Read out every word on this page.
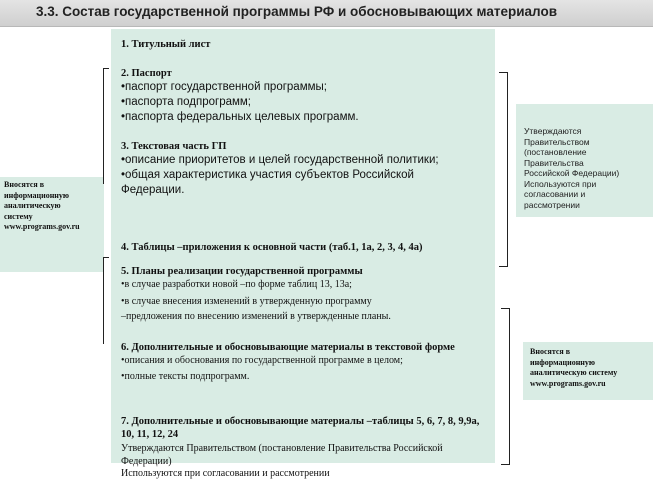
3.3. Состав государственной программы РФ и обосновывающих материалов
Вносятся в
информационную
аналитическую
систему
www.programs.gov.ru
Утверждаются
Правительством
(постановление
Правительства
Российской Федерации)
Используются при
согласовании и
рассмотрении
Вносятся в
информационную
аналитическую систему
www.programs.gov.ru
1. Титульный лист
2. Паспорт
•паспорт государственной программы;
•паспорта подпрограмм;
•паспорта федеральных целевых программ.
3. Текстовая часть ГП
•описание приоритетов и целей государственной политики;
•общая характеристика участия субъектов Российской Федерации.
4. Таблицы –приложения к основной части (таб.1, 1а, 2, 3, 4, 4а)
5. Планы реализации государственной программы
•в случае разработки новой –по форме таблиц 13, 13а;
•в случае внесения изменений в утвержденную программу
–предложения по внесению изменений в утвержденные планы.
6. Дополнительные и обосновывающие материалы в текстовой форме
•описания и обоснования по государственной программе в целом;
•полные тексты подпрограмм.
7. Дополнительные и обосновывающие материалы –таблицы 5, 6, 7, 8, 9,9а, 10, 11, 12, 24
Утверждаются Правительством (постановление Правительства Российской Федерации)
Используются при согласовании и рассмотрении
